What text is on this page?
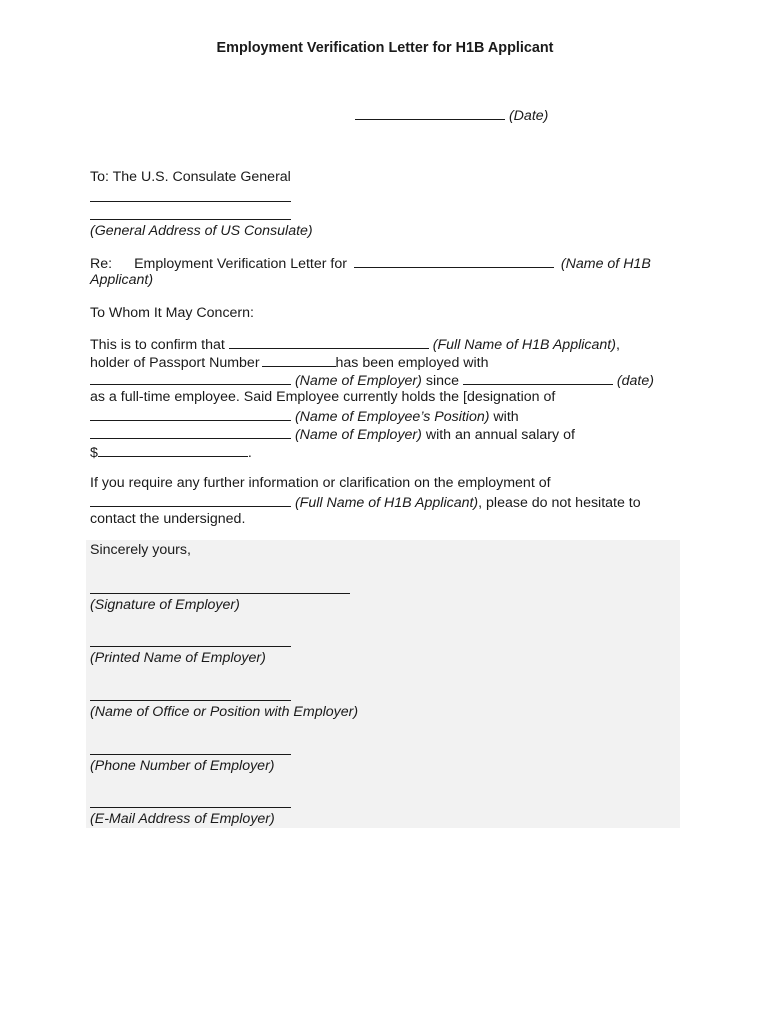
Employment Verification Letter for H1B Applicant
(Date)
To: The U.S. Consulate General
(General Address of US Consulate)
Re: Employment Verification Letter for	(Name of H1B
Applicant)
To Whom It May Concern:
This is to confirm that	(Full Name of H1B Applicant),
holder of Passport Number	has been employed with
(Name of Employer) since	(date)
as a full-time employee. Said Employee currently holds the [designation of
(Name of Employee’s Position) with
(Name of Employer) with an annual salary of
$	.
If you require any further information or clarification on the employment of
(Full Name of H1B Applicant), please do not hesitate to
contact the undersigned.
Sincerely yours,
(Signature of Employer)
(Printed Name of Employer)
(Name of Office or Position with Employer)
(Phone Number of Employer)
(E-Mail Address of Employer)
